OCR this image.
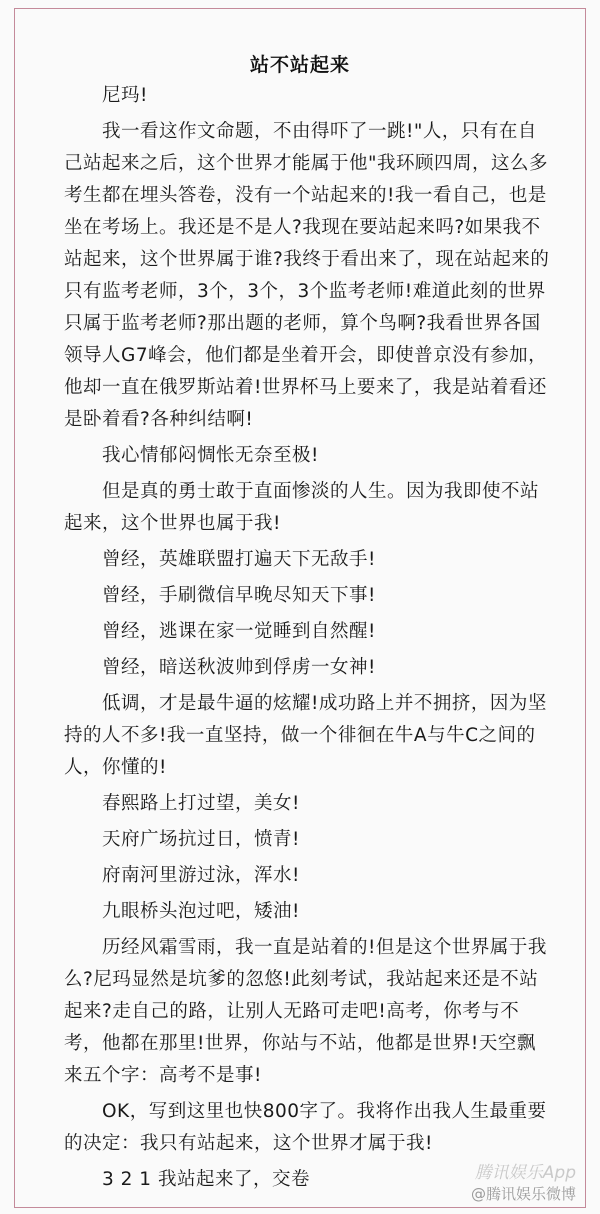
站不站起来

尼玛!

我一看这作文命题，不由得吓了一跳!"人，只有在自己站起来之后，这个世界才能属于他"我环顾四周，这么多考生都在埋头答卷，没有一个站起来的!我一看自己，也是坐在考场上。我还是不是人?我现在要站起来吗?如果我不站起来，这个世界属于谁?我终于看出来了，现在站起来的只有监考老师，3个，3个，3个监考老师!难道此刻的世界只属于监考老师?那出题的老师，算个鸟啊?我看世界各国领导人G7峰会，他们都是坐着开会，即使普京没有参加，他却一直在俄罗斯站着!世界杯马上要来了，我是站着看还是卧着看?各种纠结啊!

我心情郁闷惆怅无奈至极!

但是真的勇士敢于直面惨淡的人生。因为我即使不站起来，这个世界也属于我!

曾经，英雄联盟打遍天下无敌手!

曾经，手刷微信早晚尽知天下事!

曾经，逃课在家一觉睡到自然醒!

曾经，暗送秋波帅到俘虏一女神!

低调，才是最牛逼的炫耀!成功路上并不拥挤，因为坚持的人不多!我一直坚持，做一个徘徊在牛A与牛C之间的人，你懂的!

春熙路上打过望，美女!

天府广场抗过日，愤青!

府南河里游过泳，浑水!

九眼桥头泡过吧，矮油!

历经风霜雪雨，我一直是站着的!但是这个世界属于我么?尼玛显然是坑爹的忽悠!此刻考试，我站起来还是不站起来?走自己的路，让别人无路可走吧!高考，你考与不考，他都在那里!世界，你站与不站，他都是世界!天空飘来五个字：高考不是事!

OK，写到这里也快800字了。我将作出我人生最重要的决定：我只有站起来，这个世界才属于我!

3 2 1 我站起来了，交卷	腾讯娱乐App
@腾讯娱乐微博
